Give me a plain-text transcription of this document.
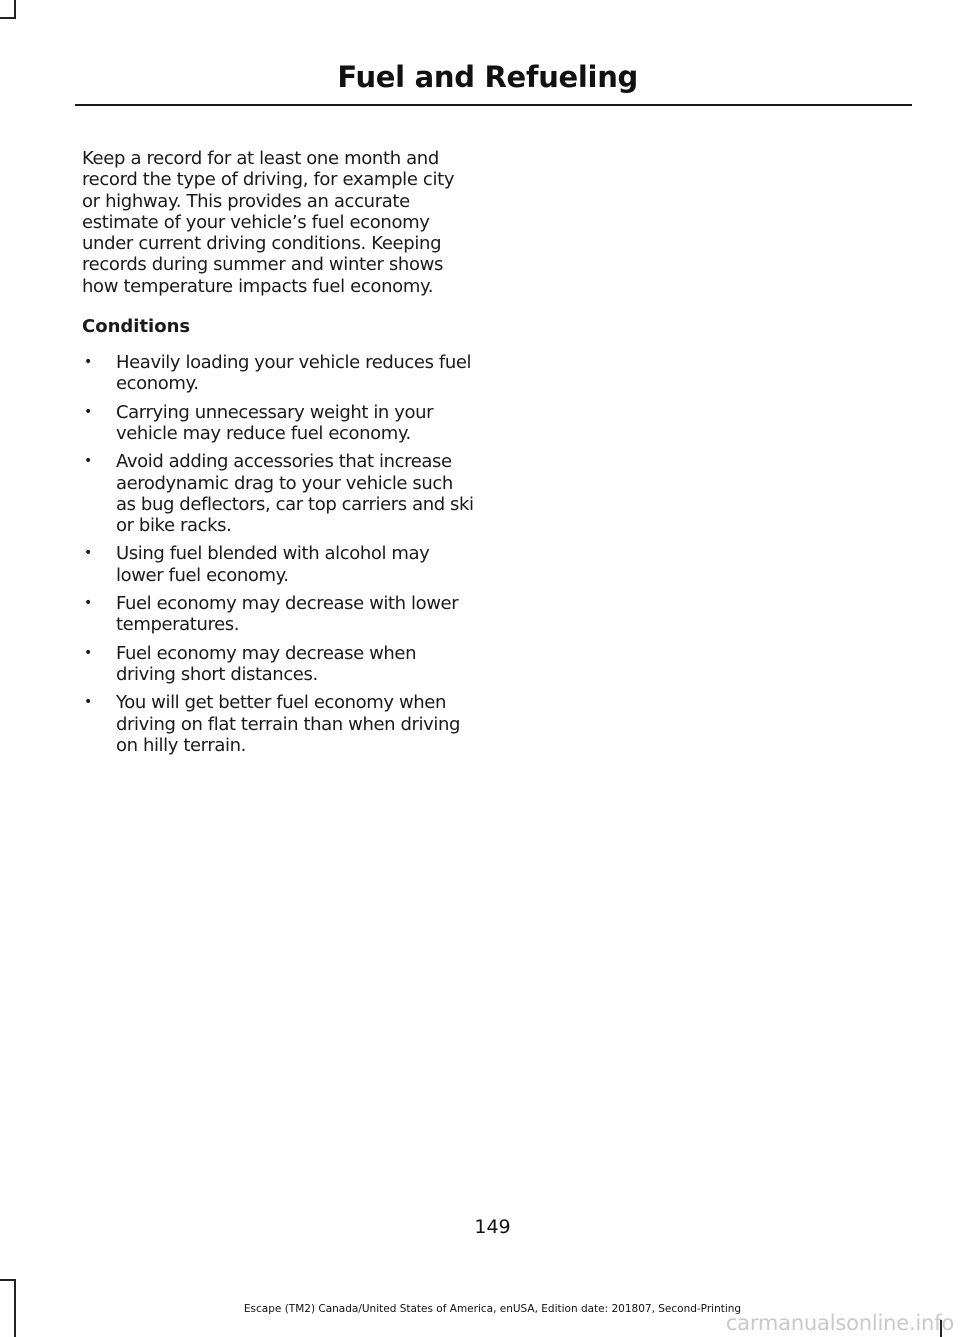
Fuel and Refueling

Keep a record for at least one month and record the type of driving, for example city or highway. This provides an accurate estimate of your vehicle’s fuel economy under current driving conditions. Keeping records during summer and winter shows how temperature impacts fuel economy.

Conditions
• Heavily loading your vehicle reduces fuel economy.
• Carrying unnecessary weight in your vehicle may reduce fuel economy.
• Avoid adding accessories that increase aerodynamic drag to your vehicle such as bug deflectors, car top carriers and ski or bike racks.
• Using fuel blended with alcohol may lower fuel economy.
• Fuel economy may decrease with lower temperatures.
• Fuel economy may decrease when driving short distances.
• You will get better fuel economy when driving on flat terrain than when driving on hilly terrain.
149
Escape (TM2) Canada/United States of America, enUSA, Edition date: 201807, Second-Printing
carmanualsonline.info
